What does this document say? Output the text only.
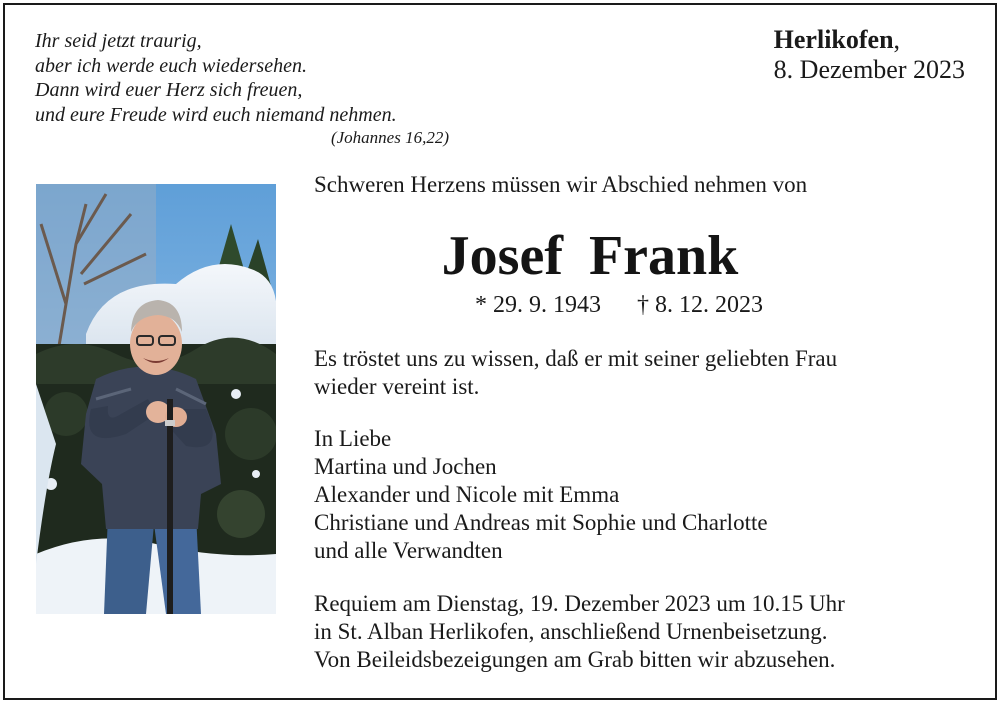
Ihr seid jetzt traurig,
aber ich werde euch wiedersehen.
Dann wird euer Herz sich freuen,
und eure Freude wird euch niemand nehmen.
(Johannes 16,22)
Herlikofen,
8. Dezember 2023
Schweren Herzens müssen wir Abschied nehmen von
Josef Frank
* 29. 9. 1943 † 8. 12. 2023
Es tröstet uns zu wissen, daß er mit seiner geliebten Frau
wieder vereint ist.
In Liebe
Martina und Jochen
Alexander und Nicole mit Emma
Christiane und Andreas mit Sophie und Charlotte
und alle Verwandten
Requiem am Dienstag, 19. Dezember 2023 um 10.15 Uhr
in St. Alban Herlikofen, anschließend Urnenbeisetzung.
Von Beileidsbezeigungen am Grab bitten wir abzusehen.
